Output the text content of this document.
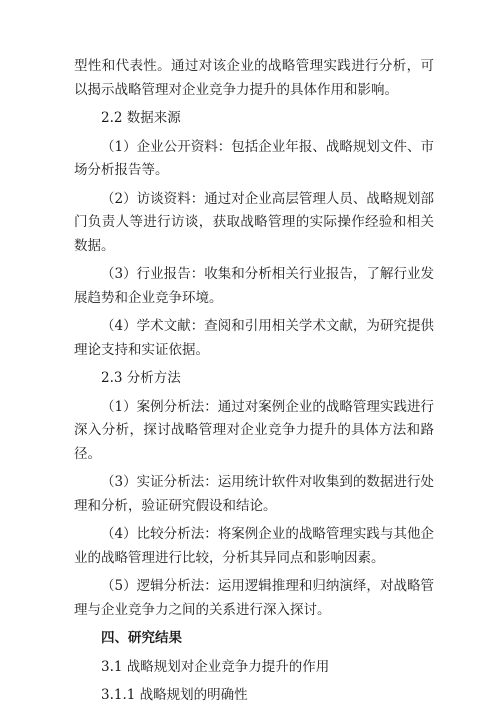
型性和代表性。通过对该企业的战略管理实践进行分析，可以揭示战略管理对企业竞争力提升的具体作用和影响。

2.2 数据来源

（1）企业公开资料：包括企业年报、战略规划文件、市场分析报告等。

（2）访谈资料：通过对企业高层管理人员、战略规划部门负责人等进行访谈，获取战略管理的实际操作经验和相关数据。

（3）行业报告：收集和分析相关行业报告，了解行业发展趋势和企业竞争环境。

（4）学术文献：查阅和引用相关学术文献，为研究提供理论支持和实证依据。

2.3 分析方法

（1）案例分析法：通过对案例企业的战略管理实践进行深入分析，探讨战略管理对企业竞争力提升的具体方法和路径。

（3）实证分析法：运用统计软件对收集到的数据进行处理和分析，验证研究假设和结论。

（4）比较分析法：将案例企业的战略管理实践与其他企业的战略管理进行比较，分析其异同点和影响因素。

（5）逻辑分析法：运用逻辑推理和归纳演绎，对战略管理与企业竞争力之间的关系进行深入探讨。

四、研究结果

3.1 战略规划对企业竞争力提升的作用

3.1.1 战略规划的明确性
